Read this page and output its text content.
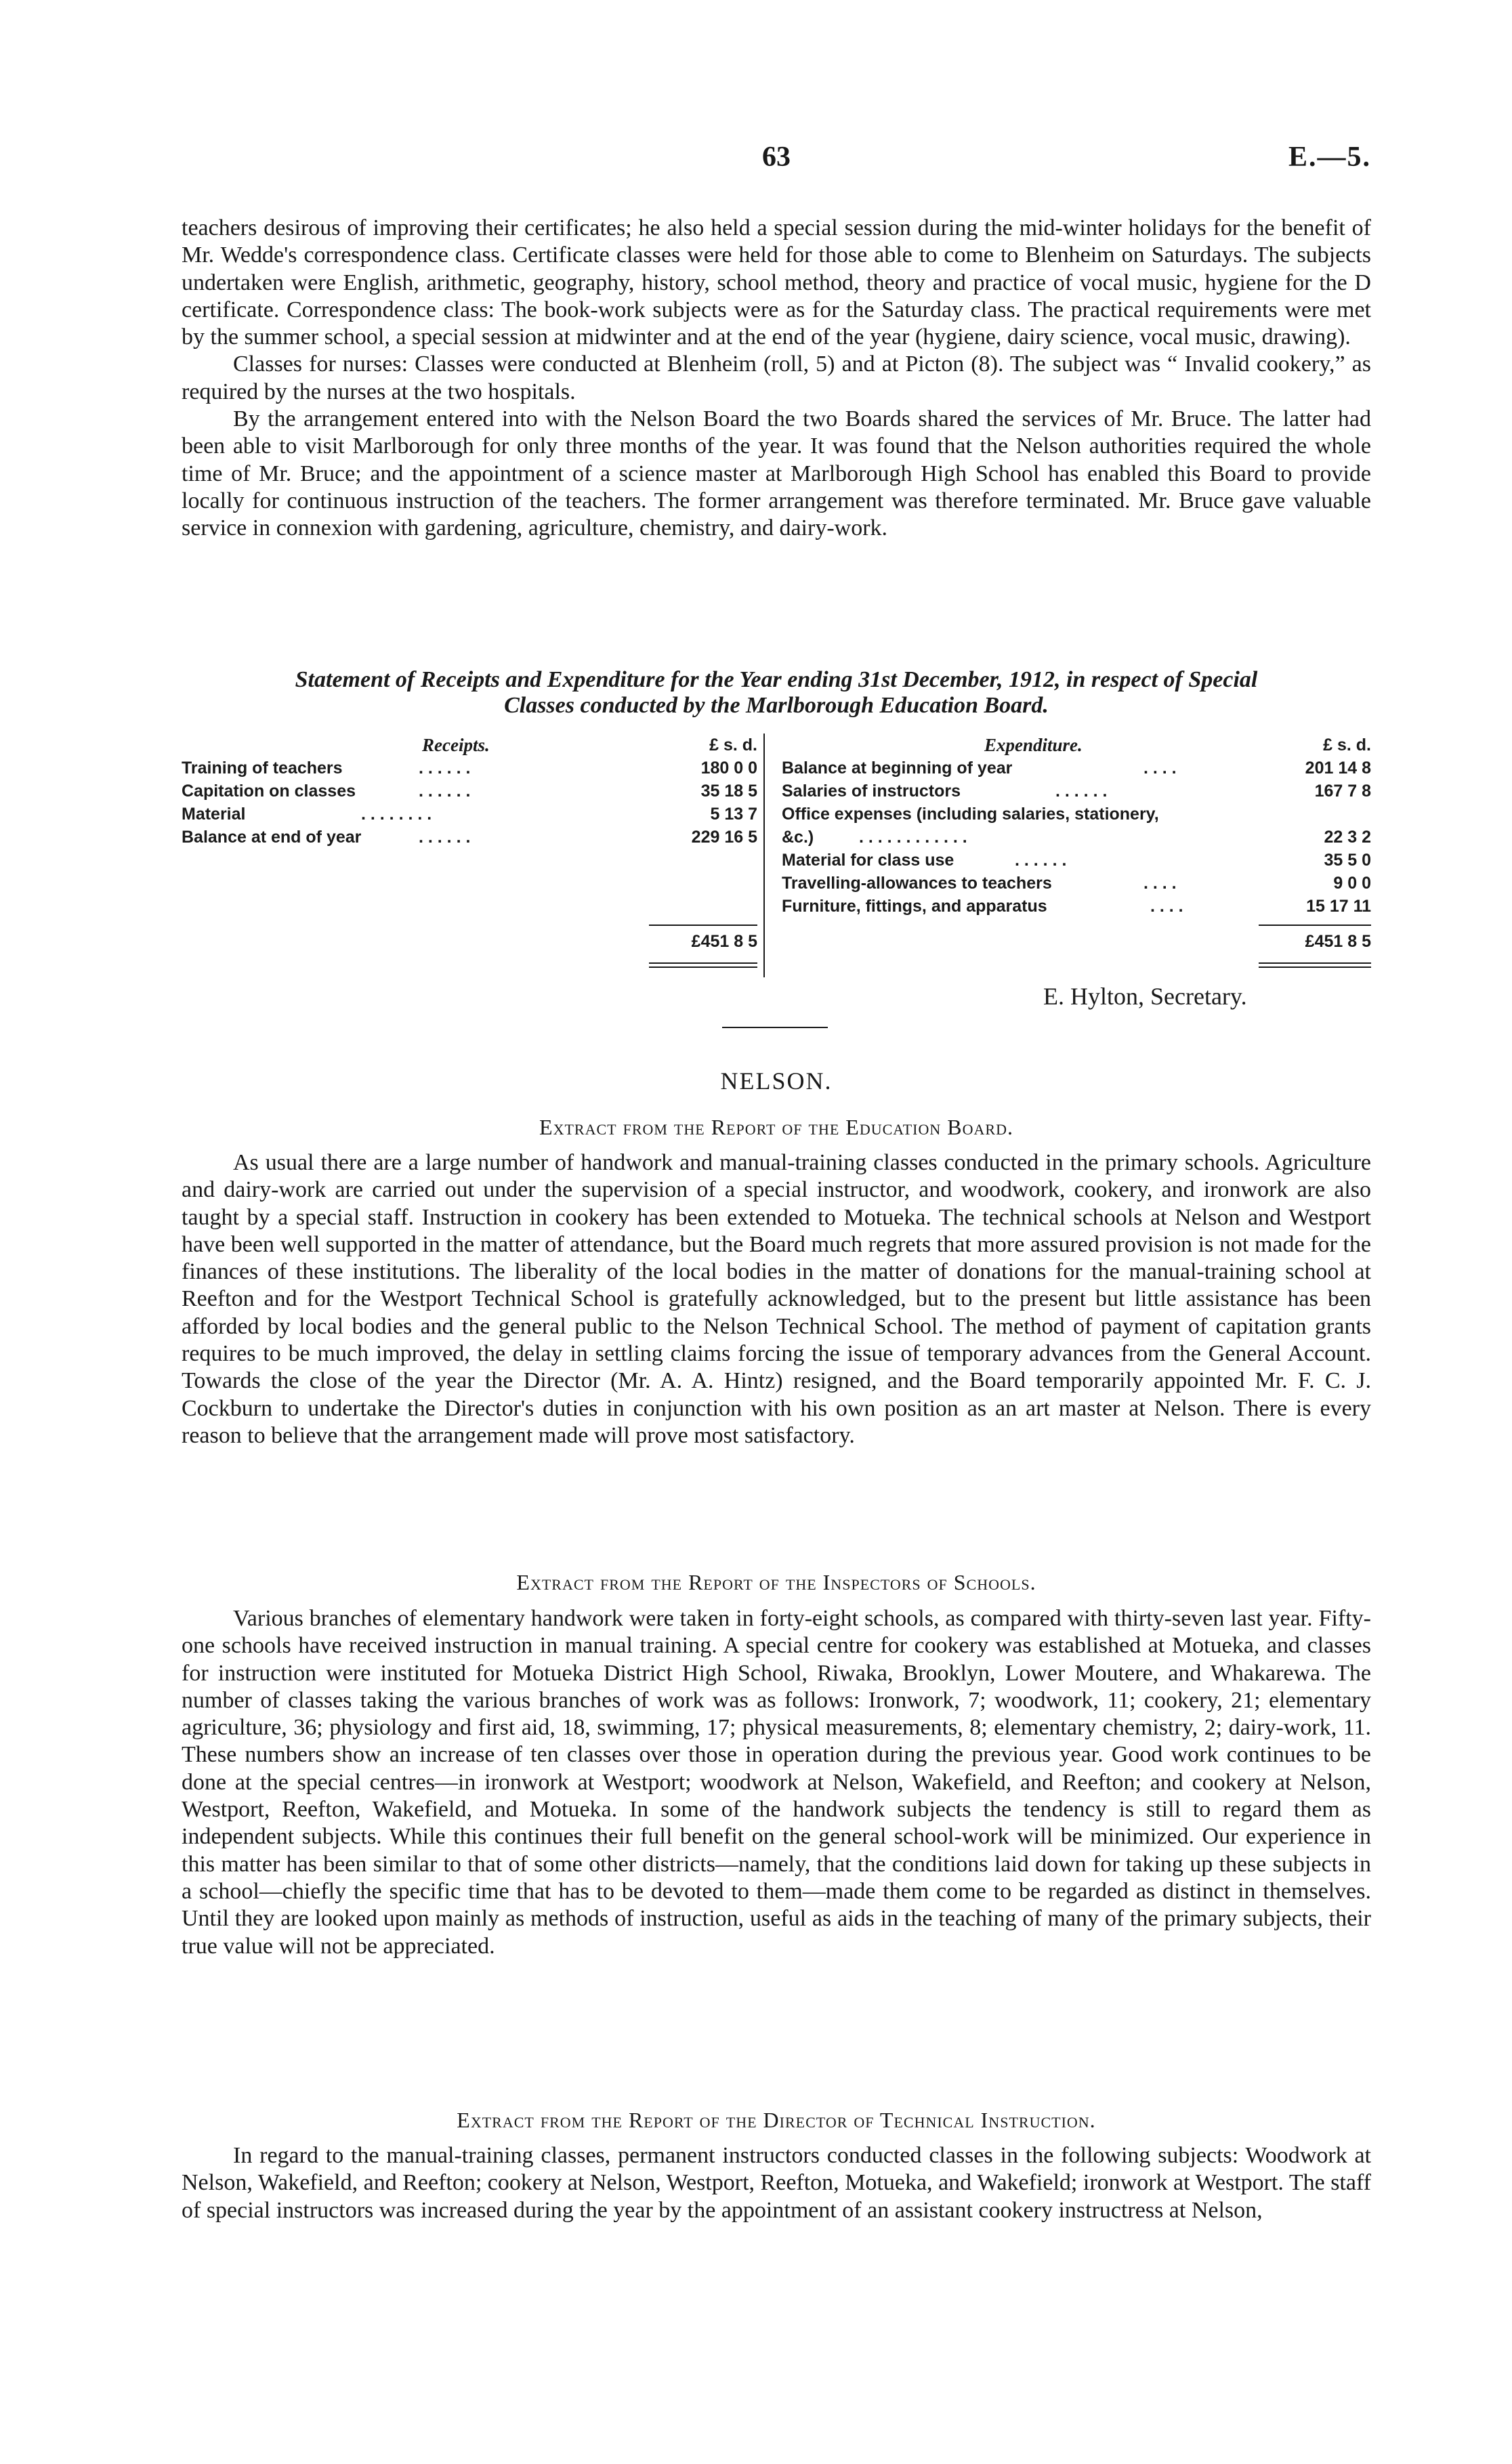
63	E.—5.

teachers desirous of improving their certificates; he also held a special session during the mid-winter holidays for the benefit of Mr. Wedde's correspondence class. Certificate classes were held for those able to come to Blenheim on Saturdays. The subjects undertaken were English, arithmetic, geography, history, school method, theory and practice of vocal music, hygiene for the D certificate. Correspondence class: The book-work subjects were as for the Saturday class. The practical requirements were met by the summer school, a special session at midwinter and at the end of the year (hygiene, dairy science, vocal music, drawing).

Classes for nurses: Classes were conducted at Blenheim (roll, 5) and at Picton (8). The subject was “ Invalid cookery,” as required by the nurses at the two hospitals.

By the arrangement entered into with the Nelson Board the two Boards shared the services of Mr. Bruce. The latter had been able to visit Marlborough for only three months of the year. It was found that the Nelson authorities required the whole time of Mr. Bruce; and the appointment of a science master at Marlborough High School has enabled this Board to provide locally for continuous instruction of the teachers. The former arrangement was therefore terminated. Mr. Bruce gave valuable service in connexion with gardening, agriculture, chemistry, and dairy-work.

Statement of Receipts and Expenditure for the Year ending 31st December, 1912, in respect of Special
Classes conducted by the Marlborough Education Board.
Receipts.	£ s. d.	Expenditure.	£ s. d.
Training of teachers	. . . . . .	180 0 0
Capitation on classes	. . . . . .	35 18 5
Material	. . . . . . . .	5 13 7
Balance at end of year	. . . . . .	229 16 5
Balance at beginning of year	. . . .	201 14 8
Salaries of instructors	. . . . . .	167 7 8
Office expenses (including salaries, stationery,
&c.)	. . . . . . . . . . . .	22 3 2
Material for class use	. . . . . .	35 5 0
Travelling-allowances to teachers	. . . .	9 0 0
Furniture, fittings, and apparatus	. . . .	15 17 11
£451 8 5	£451 8 5
E. Hylton, Secretary.
NELSON.
Extract from the Report of the Education Board.

As usual there are a large number of handwork and manual-training classes conducted in the primary schools. Agriculture and dairy-work are carried out under the supervision of a special instructor, and woodwork, cookery, and ironwork are also taught by a special staff. Instruction in cookery has been extended to Motueka. The technical schools at Nelson and Westport have been well supported in the matter of attendance, but the Board much regrets that more assured provision is not made for the finances of these institutions. The liberality of the local bodies in the matter of donations for the manual-training school at Reefton and for the Westport Technical School is gratefully acknowledged, but to the present but little assistance has been afforded by local bodies and the general public to the Nelson Technical School. The method of payment of capitation grants requires to be much improved, the delay in settling claims forcing the issue of temporary advances from the General Account. Towards the close of the year the Director (Mr. A. A. Hintz) resigned, and the Board temporarily appointed Mr. F. C. J. Cockburn to undertake the Director's duties in conjunction with his own position as an art master at Nelson. There is every reason to believe that the arrangement made will prove most satisfactory.

Extract from the Report of the Inspectors of Schools.

Various branches of elementary handwork were taken in forty-eight schools, as compared with thirty-seven last year. Fifty-one schools have received instruction in manual training. A special centre for cookery was established at Motueka, and classes for instruction were instituted for Motueka District High School, Riwaka, Brooklyn, Lower Moutere, and Whakarewa. The number of classes taking the various branches of work was as follows: Ironwork, 7; woodwork, 11; cookery, 21; elementary agriculture, 36; physiology and first aid, 18, swimming, 17; physical measurements, 8; elementary chemistry, 2; dairy-work, 11. These numbers show an increase of ten classes over those in operation during the previous year. Good work continues to be done at the special centres—in ironwork at Westport; woodwork at Nelson, Wakefield, and Reefton; and cookery at Nelson, Westport, Reefton, Wakefield, and Motueka. In some of the handwork subjects the tendency is still to regard them as independent subjects. While this continues their full benefit on the general school-work will be minimized. Our experience in this matter has been similar to that of some other districts—namely, that the conditions laid down for taking up these subjects in a school—chiefly the specific time that has to be devoted to them—made them come to be regarded as distinct in themselves. Until they are looked upon mainly as methods of instruction, useful as aids in the teaching of many of the primary subjects, their true value will not be appreciated.

Extract from the Report of the Director of Technical Instruction.

In regard to the manual-training classes, permanent instructors conducted classes in the following subjects: Woodwork at Nelson, Wakefield, and Reefton; cookery at Nelson, Westport, Reefton, Motueka, and Wakefield; ironwork at Westport. The staff of special instructors was increased during the year by the appointment of an assistant cookery instructress at Nelson,
